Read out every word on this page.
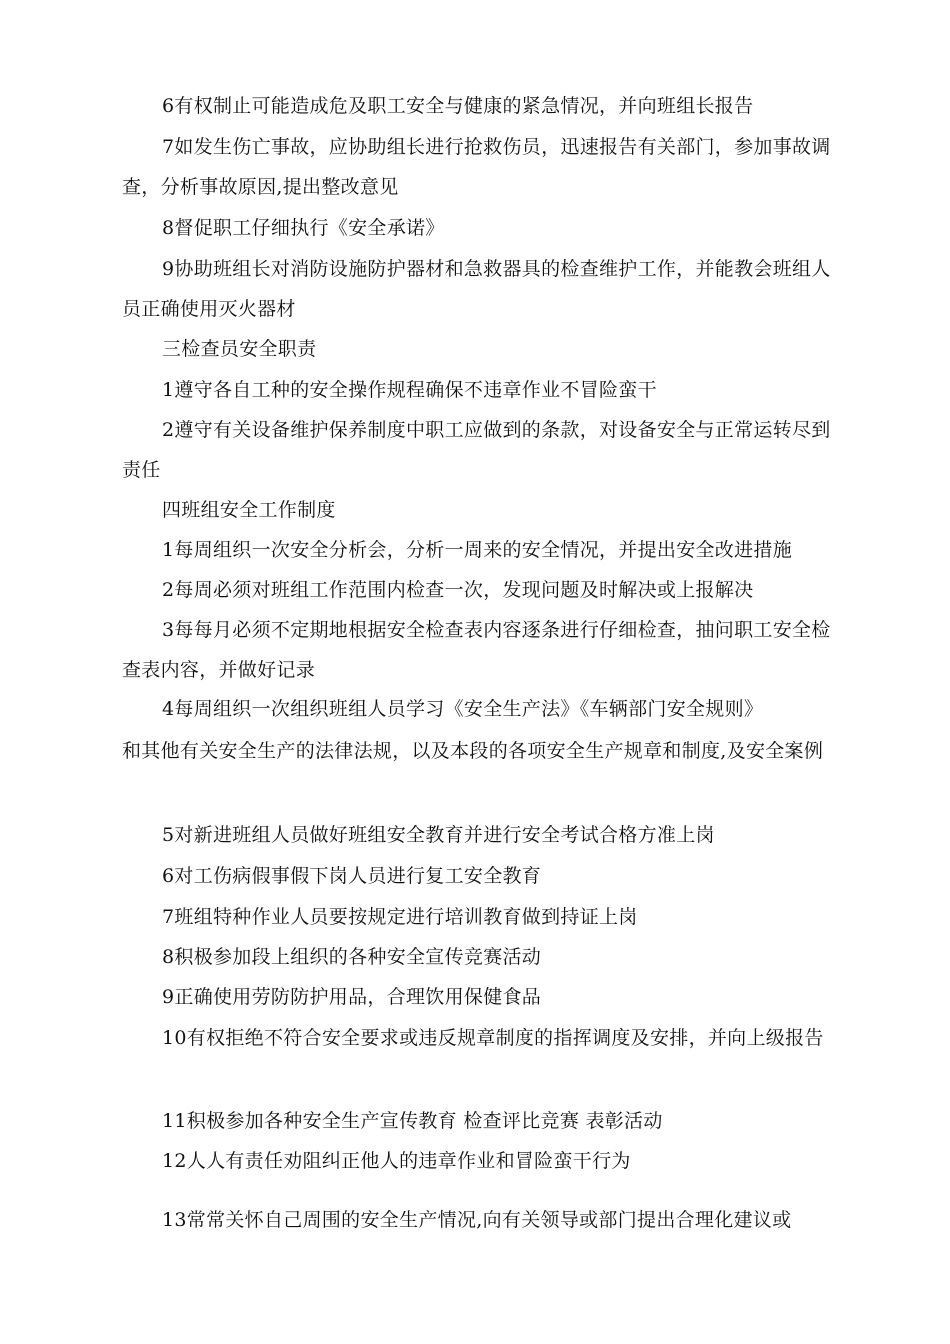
6有权制止可能造成危及职工安全与健康的紧急情况，并向班组长报告
7如发生伤亡事故，应协助组长进行抢救伤员，迅速报告有关部门，参加事故调查，分析事故原因,提出整改意见
8督促职工仔细执行《安全承诺》
9协助班组长对消防设施防护器材和急救器具的检查维护工作，并能教会班组人员正确使用灭火器材
三检查员安全职责
1遵守各自工种的安全操作规程确保不违章作业不冒险蛮干
2遵守有关设备维护保养制度中职工应做到的条款，对设备安全与正常运转尽到责任
四班组安全工作制度
1每周组织一次安全分析会，分析一周来的安全情况，并提出安全改进措施
2每周必须对班组工作范围内检查一次，发现问题及时解决或上报解决
3每每月必须不定期地根据安全检查表内容逐条进行仔细检查，抽问职工安全检查表内容，并做好记录
4每周组织一次组织班组人员学习《安全生产法》《车辆部门安全规则》
和其他有关安全生产的法律法规，以及本段的各项安全生产规章和制度,及安全案例
5对新进班组人员做好班组安全教育并进行安全考试合格方准上岗
6对工伤病假事假下岗人员进行复工安全教育
7班组特种作业人员要按规定进行培训教育做到持证上岗
8积极参加段上组织的各种安全宣传竞赛活动
9正确使用劳防防护用品，合理饮用保健食品
10有权拒绝不符合安全要求或违反规章制度的指挥调度及安排，并向上级报告
11积极参加各种安全生产宣传教育 检查评比竞赛 表彰活动
12人人有责任劝阻纠正他人的违章作业和冒险蛮干行为
13常常关怀自己周围的安全生产情况,向有关领导或部门提出合理化建议或
